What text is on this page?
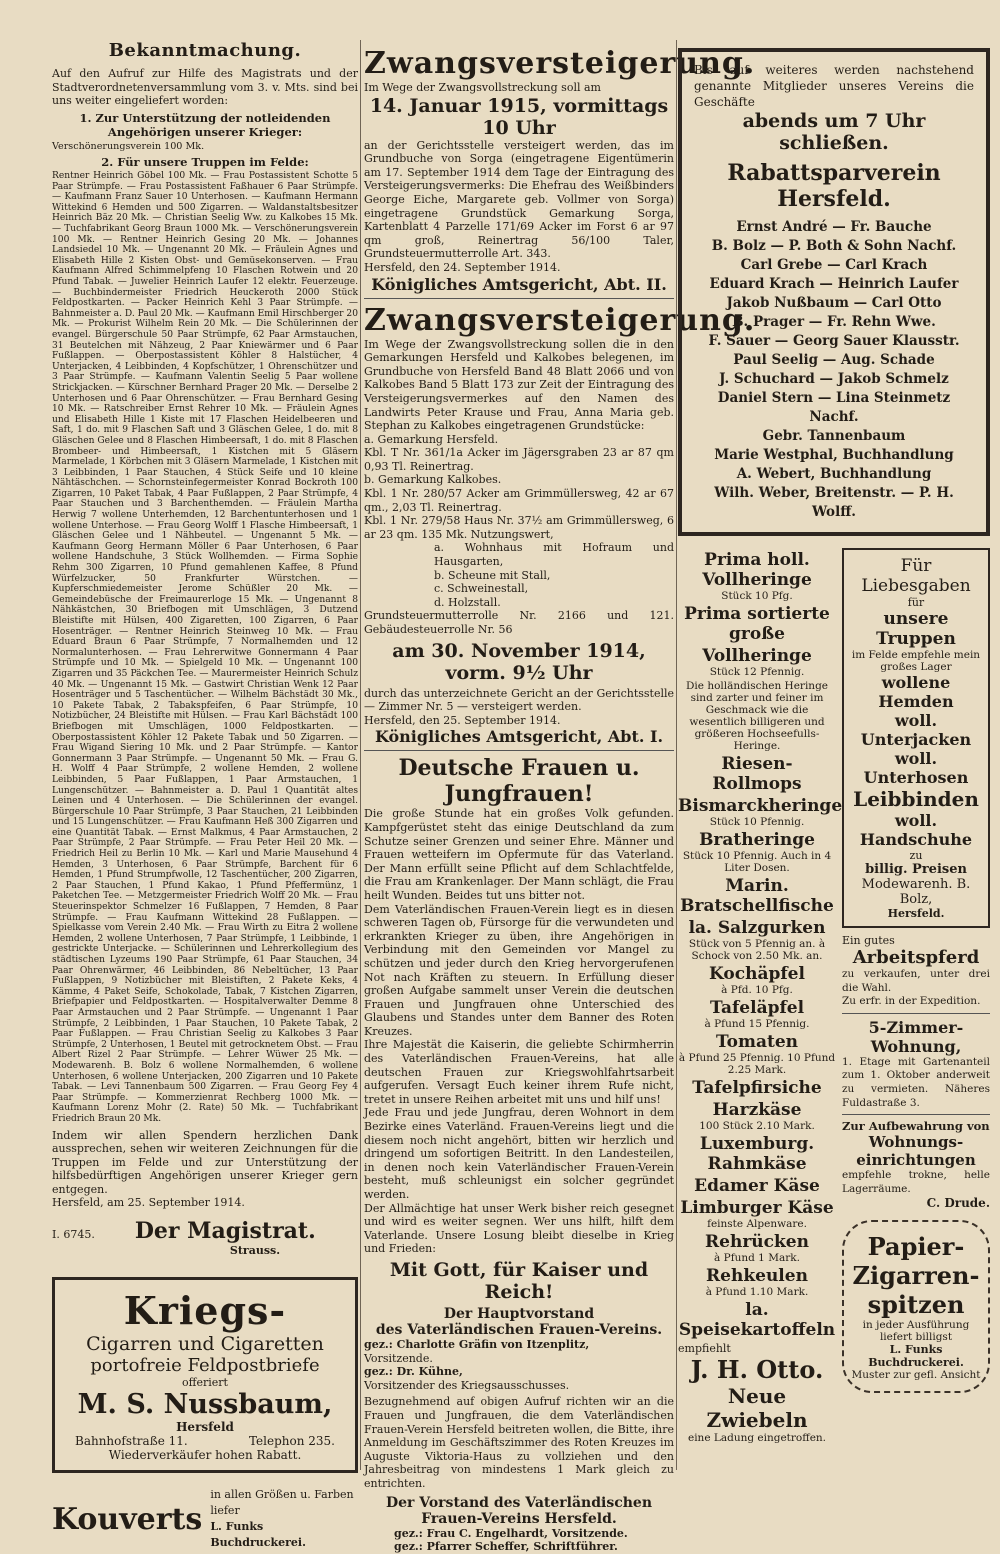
Bekanntmachung.

Auf den Aufruf zur Hilfe des Magistrats und der Stadtverordnetenversammlung vom 3. v. Mts. sind bei uns weiter eingeliefert worden:

1. Zur Unterstützung der notleidenden Angehörigen unserer Krieger:

Verschönerungsverein 100 Mk.

2. Für unsere Truppen im Felde:

Rentner Heinrich Göbel 100 Mk. — Frau Postassistent Schotte 5 Paar Strümpfe. — Frau Postassistent Faßhauer 6 Paar Strümpfe. — Kaufmann Franz Sauer 10 Unterhosen. — Kaufmann Hermann Wittekind 6 Hemden und 500 Zigarren. — Waldanstaltsbesitzer Heinrich Bäz 20 Mk. — Christian Seelig Ww. zu Kalkobes 15 Mk. — Tuchfabrikant Georg Braun 1000 Mk. — Verschönerungsverein 100 Mk. — Rentner Heinrich Gesing 20 Mk. — Johannes Landsiedel 10 Mk. — Ungenannt 20 Mk. — Fräulein Agnes und Elisabeth Hille 2 Kisten Obst- und Gemüsekonserven. — Frau Kaufmann Alfred Schimmelpfeng 10 Flaschen Rotwein und 20 Pfund Tabak. — Juwelier Heinrich Laufer 12 elektr. Feuerzeuge. — Buchbindermeister Friedrich Heuckeroth 2000 Stück Feldpostkarten. — Packer Heinrich Kehl 3 Paar Strümpfe. — Bahnmeister a. D. Paul 20 Mk. — Kaufmann Emil Hirschberger 20 Mk. — Prokurist Wilhelm Rein 20 Mk. — Die Schülerinnen der evangel. Bürgerschule 50 Paar Strümpfe, 62 Paar Armstauchen, 31 Beutelchen mit Nähzeug, 2 Paar Kniewärmer und 6 Paar Fußlappen. — Oberpostassistent Köhler 8 Halstücher, 4 Unterjacken, 4 Leibbinden, 4 Kopfschützer, 1 Ohrenschützer und 3 Paar Strümpfe. — Kaufmann Valentin Seelig 5 Paar wollene Strickjacken. — Kürschner Bernhard Prager 20 Mk. — Derselbe 2 Unterhosen und 6 Paar Ohrenschützer. — Frau Bernhard Gesing 10 Mk. — Ratschreiber Ernst Rehrer 10 Mk. — Fräulein Agnes und Elisabeth Hille 1 Kiste mit 17 Flaschen Heidelbeeren und Saft, 1 do. mit 9 Flaschen Saft und 3 Gläschen Gelee, 1 do. mit 8 Gläschen Gelee und 8 Flaschen Himbeersaft, 1 do. mit 8 Flaschen Brombeer- und Himbeersaft, 1 Kistchen mit 5 Gläsern Marmelade, 1 Körbchen mit 3 Gläsern Marmelade, 1 Kistchen mit 3 Leibbinden, 1 Paar Stauchen, 4 Stück Seife und 10 kleine Nähtäschchen. — Schornsteinfegermeister Konrad Bockroth 100 Zigarren, 10 Paket Tabak, 4 Paar Fußlappen, 2 Paar Strümpfe, 4 Paar Stauchen und 3 Barchenthemden. — Fräulein Martha Herwig 7 wollene Unterhemden, 12 Barchentunterhosen und 1 wollene Unterhose. — Frau Georg Wolff 1 Flasche Himbeersaft, 1 Gläschen Gelee und 1 Nähbeutel. — Ungenannt 5 Mk. — Kaufmann Georg Hermann Möller 6 Paar Unterhosen, 6 Paar wollene Handschuhe, 3 Stück Wollhemden. — Firma Sophie Rehm 300 Zigarren, 10 Pfund gemahlenen Kaffee, 8 Pfund Würfelzucker, 50 Frankfurter Würstchen. — Kupferschmiedemeister Jerome Schüßler 20 Mk. — Gemeindebüsche der Freimaurerloge 15 Mk. — Ungenannt 8 Nähkästchen, 30 Briefbogen mit Umschlägen, 3 Dutzend Bleistifte mit Hülsen, 400 Zigaretten, 100 Zigarren, 6 Paar Hosenträger. — Rentner Heinrich Steinweg 10 Mk. — Frau Eduard Braun 6 Paar Strümpfe, 7 Normalhemden und 12 Normalunterhosen. — Frau Lehrerwitwe Gonnermann 4 Paar Strümpfe und 10 Mk. — Spielgeld 10 Mk. — Ungenannt 100 Zigarren und 35 Päckchen Tee. — Maurermeister Heinrich Schulz 40 Mk. — Ungenannt 15 Mk. — Gastwirt Christian Wenk 12 Paar Hosenträger und 5 Taschentücher. — Wilhelm Bächstädt 30 Mk., 10 Pakete Tabak, 2 Tabakspfeifen, 6 Paar Strümpfe, 10 Notizbücher, 24 Bleistifte mit Hülsen. — Frau Karl Bächstädt 100 Briefbogen mit Umschlägen, 1000 Feldpostkarten. — Oberpostassistent Köhler 12 Pakete Tabak und 50 Zigarren. — Frau Wigand Siering 10 Mk. und 2 Paar Strümpfe. — Kantor Gonnermann 3 Paar Strümpfe. — Ungenannt 50 Mk. — Frau G. H. Wolff 4 Paar Strümpfe, 2 wollene Hemden, 2 wollene Leibbinden, 5 Paar Fußlappen, 1 Paar Armstauchen, 1 Lungenschützer. — Bahnmeister a. D. Paul 1 Quantität altes Leinen und 4 Unterhosen. — Die Schülerinnen der evangel. Bürgerschule 10 Paar Strümpfe, 3 Paar Stauchen, 21 Leibbinden und 15 Lungenschützer. — Frau Kaufmann Heß 300 Zigarren und eine Quantität Tabak. — Ernst Malkmus, 4 Paar Armstauchen, 2 Paar Strümpfe, 2 Paar Strümpfe. — Frau Peter Heil 20 Mk. — Friedrich Heil zu Berlin 10 Mk. — Karl und Marie Mausehund 4 Hemden, 3 Unterhosen, 6 Paar Strümpfe, Barchent für 6 Hemden, 1 Pfund Strumpfwolle, 12 Taschentücher, 200 Zigarren, 2 Paar Stauchen, 1 Pfund Kakao, 1 Pfund Pfeffermünz, 1 Paketchen Tee. — Metzgermeister Friedrich Wolff 20 Mk. — Frau Steuerinspektor Schmelzer 16 Fußlappen, 7 Hemden, 8 Paar Strümpfe. — Frau Kaufmann Wittekind 28 Fußlappen. — Spielkasse vom Verein 2.40 Mk. — Frau Wirth zu Eitra 2 wollene Hemden, 2 wollene Unterhosen, 7 Paar Strümpfe, 1 Leibbinde, 1 gestrickte Unterjacke. — Schülerinnen und Lehrerkollegium des städtischen Lyzeums 190 Paar Strümpfe, 61 Paar Stauchen, 34 Paar Ohrenwärmer, 46 Leibbinden, 86 Nebeltücher, 13 Paar Fußlappen, 9 Notizbücher mit Bleistiften, 2 Pakete Keks, 4 Kämme, 4 Paket Seife, Schokolade, Tabak, 7 Kistchen Zigarren, Briefpapier und Feldpostkarten. — Hospitalverwalter Demme 8 Paar Armstauchen und 2 Paar Strümpfe. — Ungenannt 1 Paar Strümpfe, 2 Leibbinden, 1 Paar Stauchen, 10 Pakete Tabak, 2 Paar Fußlappen. — Frau Christian Seelig zu Kalkobes 3 Paar Strümpfe, 2 Unterhosen, 1 Beutel mit getrocknetem Obst. — Frau Albert Rizel 2 Paar Strümpfe. — Lehrer Wüwer 25 Mk. — Modewarenh. B. Bolz 6 wollene Normalhemden, 6 wollene Unterhosen, 6 wollene Unterjacken, 200 Zigarren und 10 Pakete Tabak. — Levi Tannenbaum 500 Zigarren. — Frau Georg Fey 4 Paar Strümpfe. — Kommerzienrat Rechberg 1000 Mk. — Kaufmann Lorenz Mohr (2. Rate) 50 Mk. — Tuchfabrikant Friedrich Braun 20 Mk.

Indem wir allen Spendern herzlichen Dank aussprechen, sehen wir weiteren Zeichnungen für die Truppen im Felde und zur Unterstützung der hilfsbedürftigen Angehörigen unserer Krieger gern entgegen.

Hersfeld, am 25. September 1914.
I. 6745. Der Magistrat.
Strauss.
Kriegs-
Cigarren und Cigaretten
portofreie Feldpostbriefe
offeriert
M. S. Nussbaum,
Hersfeld
Bahnhofstraße 11.	Telephon 235.
Wiederverkäufer hohen Rabatt.
Kouverts
in allen Größen u. Farben liefer
L. Funks Buchdruckerei.
Zwangsversteigerung.
Im Wege der Zwangsvollstreckung soll am
14. Januar 1915, vormittags 10 Uhr

an der Gerichtsstelle versteigert werden, das im Grundbuche von Sorga (eingetragene Eigentümerin am 17. September 1914 dem Tage der Eintragung des Versteigerungsvermerks: Die Ehefrau des Weißbinders George Eiche, Margarete geb. Vollmer von Sorga) eingetragene Grundstück Gemarkung Sorga, Kartenblatt 4 Parzelle 171/69 Acker im Forst 6 ar 97 qm groß, Reinertrag 56/100 Taler, Grundsteuermutterrolle Art. 343.

Hersfeld, den 24. September 1914.
Königliches Amtsgericht, Abt. II.
Zwangsversteigerung.

Im Wege der Zwangsvollstreckung sollen die in den Gemarkungen Hersfeld und Kalkobes belegenen, im Grundbuche von Hersfeld Band 48 Blatt 2066 und von Kalkobes Band 5 Blatt 173 zur Zeit der Eintragung des Versteigerungsvermerkes auf den Namen des Landwirts Peter Krause und Frau, Anna Maria geb. Stephan zu Kalkobes eingetragenen Grundstücke:

a. Gemarkung Hersfeld.
Kbl. T Nr. 361/1a Acker im Jägersgraben 23 ar 87 qm 0,93 Tl. Reinertrag.
b. Gemarkung Kalkobes.
Kbl. 1 Nr. 280/57 Acker am Grimmüllersweg, 42 ar 67 qm., 2,03 Tl. Reinertrag.
Kbl. 1 Nr. 279/58 Haus Nr. 37½ am Grimmüllersweg, 6 ar 23 qm. 135 Mk. Nutzungswert,
a. Wohnhaus mit Hofraum und Hausgarten,
b. Scheune mit Stall,
c. Schweinestall,
d. Holzstall.
Grundsteuermutterrolle Nr. 2166 und 121. Gebäudesteuerrolle Nr. 56
am 30. November 1914, vorm. 9½ Uhr

durch das unterzeichnete Gericht an der Gerichtsstelle — Zimmer Nr. 5 — versteigert werden.

Hersfeld, den 25. September 1914.
Königliches Amtsgericht, Abt. I.
Deutsche Frauen u. Jungfrauen!

Die große Stunde hat ein großes Volk gefunden. Kampfgerüstet steht das einige Deutschland da zum Schutze seiner Grenzen und seiner Ehre. Männer und Frauen wetteifern im Opfermute für das Vaterland. Der Mann erfüllt seine Pflicht auf dem Schlachtfelde, die Frau am Krankenlager. Der Mann schlägt, die Frau heilt Wunden. Beides tut uns bitter not.

Dem Vaterländischen Frauen-Verein liegt es in diesen schweren Tagen ob, Fürsorge für die verwundeten und erkrankten Krieger zu üben, ihre Angehörigen in Verbindung mit den Gemeinden vor Mangel zu schützen und jeder durch den Krieg hervorgerufenen Not nach Kräften zu steuern. In Erfüllung dieser großen Aufgabe sammelt unser Verein die deutschen Frauen und Jungfrauen ohne Unterschied des Glaubens und Standes unter dem Banner des Roten Kreuzes.

Ihre Majestät die Kaiserin, die geliebte Schirmherrin des Vaterländischen Frauen-Vereins, hat alle deutschen Frauen zur Kriegswohlfahrtsarbeit aufgerufen. Versagt Euch keiner ihrem Rufe nicht, tretet in unsere Reihen arbeitet mit uns und hilf uns!

Jede Frau und jede Jungfrau, deren Wohnort in dem Bezirke eines Vaterländ. Frauen-Vereins liegt und die diesem noch nicht angehört, bitten wir herzlich und dringend um sofortigen Beitritt. In den Landesteilen, in denen noch kein Vaterländischer Frauen-Verein besteht, muß schleunigst ein solcher gegründet werden.

Der Allmächtige hat unser Werk bisher reich gesegnet und wird es weiter segnen. Wer uns hilft, hilft dem Vaterlande. Unsere Losung bleibt dieselbe in Krieg und Frieden:

Mit Gott, für Kaiser und Reich!
Der Hauptvorstand
des Vaterländischen Frauen-Vereins.
gez.: Charlotte Gräfin von Itzenplitz,
Vorsitzende.
gez.: Dr. Kühne,
Vorsitzender des Kriegsausschusses.

Bezugnehmend auf obigen Aufruf richten wir an die Frauen und Jungfrauen, die dem Vaterländischen Frauen-Verein Hersfeld beitreten wollen, die Bitte, ihre Anmeldung im Geschäftszimmer des Roten Kreuzes im Auguste Viktoria-Haus zu vollziehen und den Jahresbeitrag von mindestens 1 Mark gleich zu entrichten.

Der Vorstand des Vaterländischen
Frauen-Vereins Hersfeld.
gez.: Frau C. Engelhardt, Vorsitzende.
gez.: Pfarrer Scheffer, Schriftführer.

Bis auf weiteres werden nachstehend genannte Mitglieder unseres Vereins die Geschäfte

abends um 7 Uhr
schließen.
Rabattsparverein Hersfeld.
Ernst André — Fr. Bauche
B. Bolz — P. Both & Sohn Nachf.
Carl Grebe — Carl Krach
Eduard Krach — Heinrich Laufer
Jakob Nußbaum — Carl Otto
B. Prager — Fr. Rehn Wwe.
F. Sauer — Georg Sauer Klausstr.
Paul Seelig — Aug. Schade
J. Schuchard — Jakob Schmelz
Daniel Stern — Lina Steinmetz Nachf.
Gebr. Tannenbaum
Marie Westphal, Buchhandlung
A. Webert, Buchhandlung
Wilh. Weber, Breitenstr. — P. H. Wolff.
Prima holl. Vollheringe
Stück 10 Pfg.
Prima sortierte große
Vollheringe
Stück 12 Pfennig.
Die holländischen Heringe sind zarter und feiner im Geschmack wie die wesentlich billigeren und größeren Hochseefulls-Heringe.
Riesen-Rollmops
Bismarckheringe
Stück 10 Pfennig.
Bratheringe
Stück 10 Pfennig. Auch in 4 Liter Dosen.
Marin. Bratschellfische
la. Salzgurken
Stück von 5 Pfennig an. à Schock von 2.50 Mk. an.
Kochäpfel
à Pfd. 10 Pfg.
Tafeläpfel
à Pfund 15 Pfennig.
Tomaten
à Pfund 25 Pfennig. 10 Pfund 2.25 Mark.
Tafelpfirsiche
Harzkäse
100 Stück 2.10 Mark.
Luxemburg. Rahmkäse
Edamer Käse
Limburger Käse
feinste Alpenware.
Rehrücken
à Pfund 1 Mark.
Rehkeulen
à Pfund 1.10 Mark.
la. Speisekartoffeln
empfiehlt
J. H. Otto.
Neue Zwiebeln
eine Ladung eingetroffen.
Für Liebesgaben
für
unsere Truppen
im Felde empfehle mein großes Lager
wollene Hemden
woll. Unterjacken
woll. Unterhosen
Leibbinden
woll. Handschuhe
zu
billig. Preisen
Modewarenh. B. Bolz,
Hersfeld.
Ein gutes
Arbeitspferd
zu verkaufen, unter drei die Wahl.
Zu erfr. in der Expedition.
5-Zimmer-Wohnung,
1. Etage mit Gartenanteil zum 1. Oktober anderweit zu vermieten. Näheres Fuldastraße 3.
Zur Aufbewahrung von
Wohnungs-einrichtungen
empfehle trokne, helle Lagerräume.
C. Drude.
Papier-
Zigarren-
spitzen
in jeder Ausführung liefert billigst
L. Funks Buchdruckerei.
Muster zur gefl. Ansicht
